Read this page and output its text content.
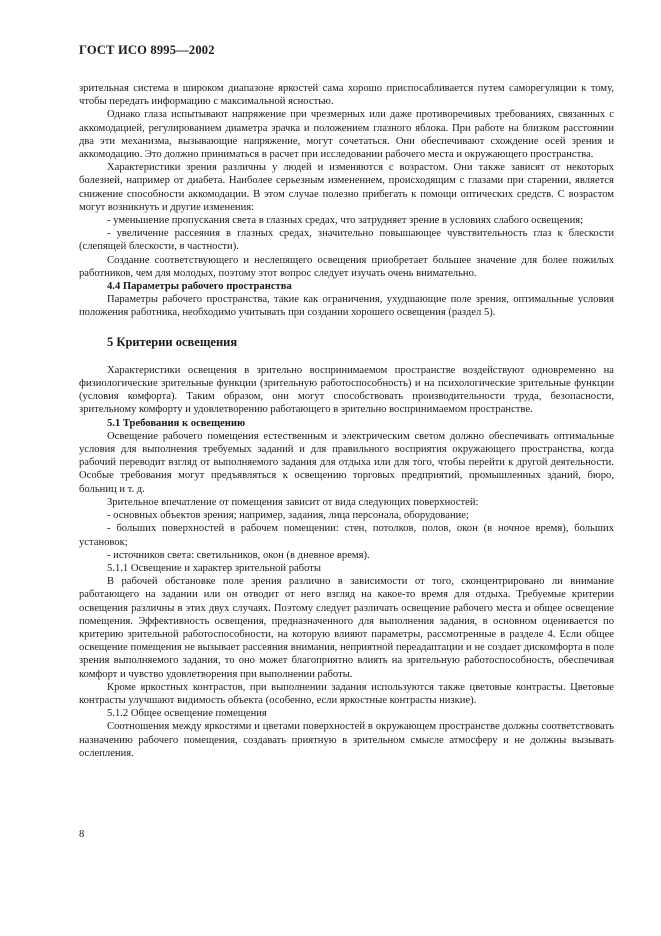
ГОСТ ИСО 8995—2002

зрительная система в широком диапазоне яркостей сама хорошо приспосабливается путем саморегуляции к тому, чтобы передать информацию с максимальной ясностью.

Однако глаза испытывают напряжение при чрезмерных или даже противоречивых требованиях, связанных с аккомодацией, регулированием диаметра зрачка и положением глазного яблока. При работе на близком расстоянии два эти механизма, вызывающие напряжение, могут сочетаться. Они обеспечивают схождение осей зрения и аккомодацию. Это должно приниматься в расчет при исследовании рабочего места и окружающего пространства.

Характеристики зрения различны у людей и изменяются с возрастом. Они также зависят от некоторых болезней, например от диабета. Наиболее серьезным изменением, происходящим с глазами при старении, является снижение способности аккомодации. В этом случае полезно прибегать к помощи оптических средств. С возрастом могут возникнуть и другие изменения:

- уменьшение пропускания света в глазных средах, что затрудняет зрение в условиях слабого освещения;

- увеличение рассеяния в глазных средах, значительно повышающее чувствительность глаз к блескости (слепящей блескости, в частности).

Создание соответствующего и неслепящего освещения приобретает большее значение для более пожилых работников, чем для молодых, поэтому этот вопрос следует изучать очень внимательно.

4.4 Параметры рабочего пространства

Параметры рабочего пространства, такие как ограничения, ухудшающие поле зрения, оптимальные условия положения работника, необходимо учитывать при создании хорошего освещения (раздел 5).

5 Критерии освещения

Характеристики освещения в зрительно воспринимаемом пространстве воздействуют одновременно на физиологические зрительные функции (зрительную работоспособность) и на психологические зрительные функции (условия комфорта). Таким образом, они могут способствовать производительности труда, безопасности, зрительному комфорту и удовлетворению работающего в зрительно воспринимаемом пространстве.

5.1 Требования к освещению

Освещение рабочего помещения естественным и электрическим светом должно обеспечивать оптимальные условия для выполнения требуемых заданий и для правильного восприятия окружающего пространства, когда рабочий переводит взгляд от выполняемого задания для отдыха или для того, чтобы перейти к другой деятельности. Особые требования могут предъявляться к освещению торговых предприятий, промышленных зданий, бюро, больниц и т. д.

Зрительное впечатление от помещения зависит от вида следующих поверхностей:

- основных объектов зрения; например, задания, лица персонала, оборудование;

- больших поверхностей в рабочем помещении: стен, потолков, полов, окон (в ночное время), больших установок;

- источников света: светильников, окон (в дневное время).

5.1.1 Освещение и характер зрительной работы

В рабочей обстановке поле зрения различно в зависимости от того, сконцентрировано ли внимание работающего на задании или он отводит от него взгляд на какое-то время для отдыха. Требуемые критерии освещения различны в этих двух случаях. Поэтому следует различать освещение рабочего места и общее освещение помещения. Эффективность освещения, предназначенного для выполнения задания, в основном оценивается по критерию зрительной работоспособности, на которую влияют параметры, рассмотренные в разделе 4. Если общее освещение помещения не вызывает рассеяния внимания, неприятной переадаптации и не создает дискомфорта в поле зрения выполняемого задания, то оно может благоприятно влиять на зрительную работоспособность, обеспечивая комфорт и чувство удовлетворения при выполнении работы.

Кроме яркостных контрастов, при выполнении задания используются также цветовые контрасты. Цветовые контрасты улучшают видимость объекта (особенно, если яркостные контрасты низкие).

5.1.2 Общее освещение помещения

Соотношения между яркостями и цветами поверхностей в окружающем пространстве должны соответствовать назначению рабочего помещения, создавать приятную в зрительном смысле атмосферу и не должны вызывать ослепления.

8
